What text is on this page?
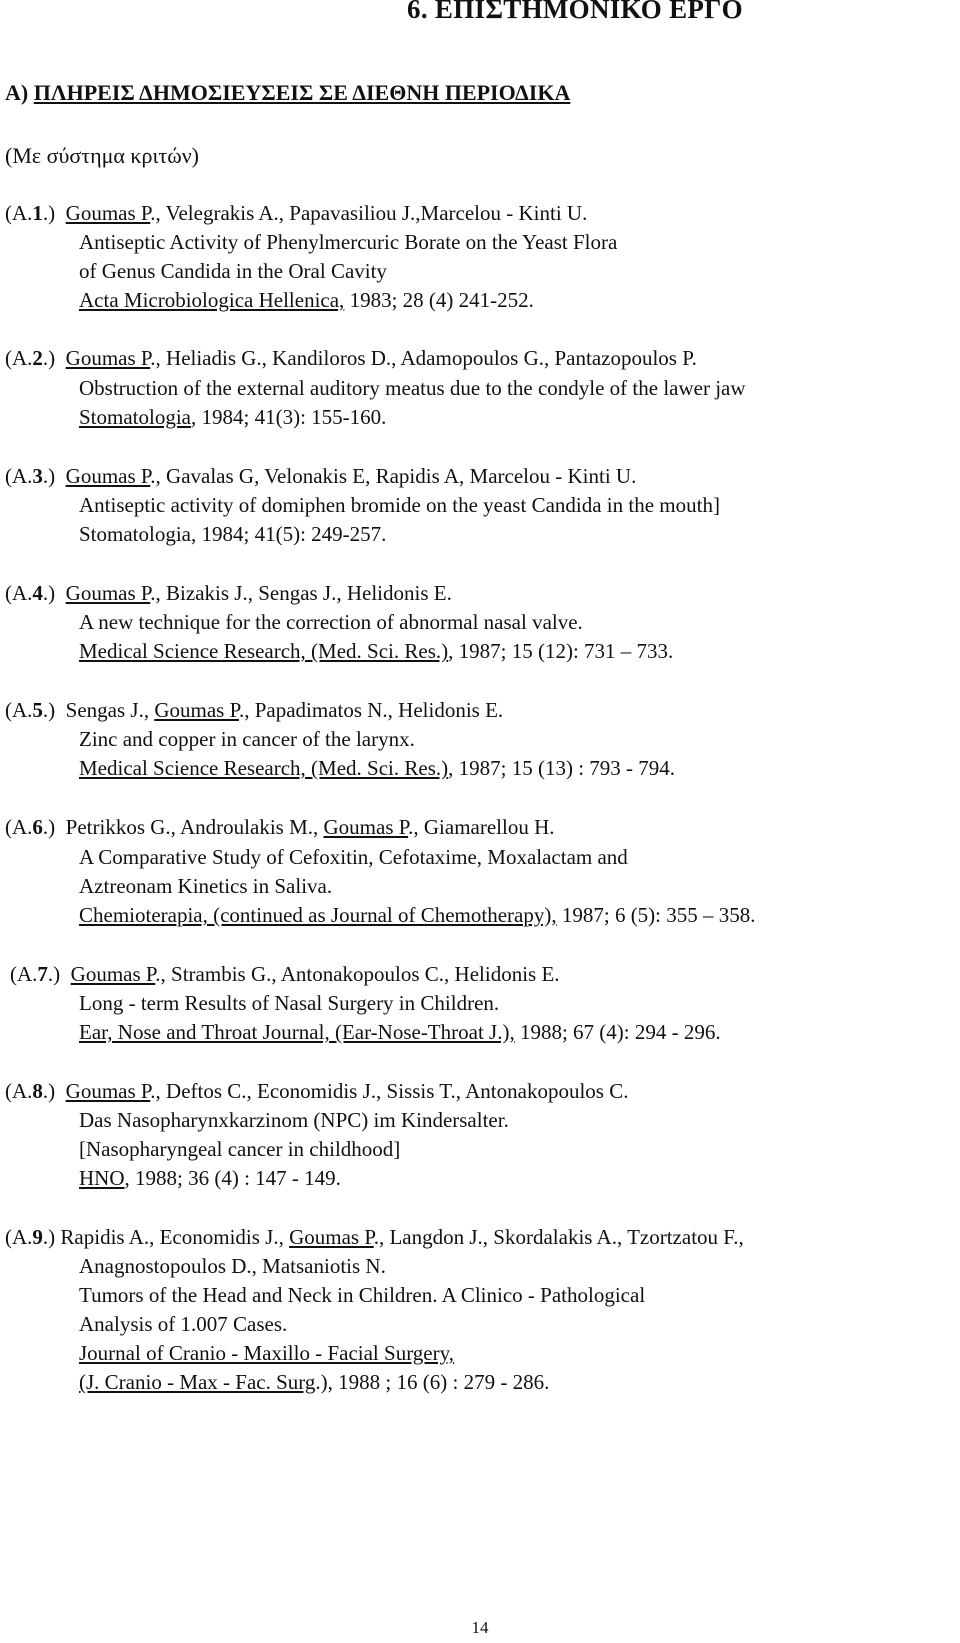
6. ΕΠΙΣΤΗΜΟΝΙΚΟ ΕΡΓΟ
Α) ΠΛΗΡΕΙΣ ΔΗΜΟΣΙΕΥΣΕΙΣ ΣΕ ΔΙΕΘΝΗ ΠΕΡΙΟΔΙΚΑ
(Με σύστημα κριτών)
(A.1.) Goumas P., Velegrakis A., Papavasiliou J.,Marcelou - Kinti U.
Antiseptic Activity of Phenylmercuric Borate on the Yeast Flora
of Genus Candida in the Oral Cavity
Acta Microbiologica Hellenica, 1983; 28 (4) 241-252.
(A.2.) Goumas P., Heliadis G., Kandiloros D., Adamopoulos G., Pantazopoulos P.
Obstruction of the external auditory meatus due to the condyle of the lawer jaw
Stomatologia, 1984; 41(3): 155-160.
(A.3.) Goumas P., Gavalas G, Velonakis E, Rapidis A, Marcelou - Kinti U.
Antiseptic activity of domiphen bromide on the yeast Candida in the mouth]
Stomatologia, 1984; 41(5): 249-257.
(A.4.) Goumas P., Bizakis J., Sengas J., Helidonis E.
A new technique for the correction of abnormal nasal valve.
Medical Science Research, (Med. Sci. Res.), 1987; 15 (12): 731 – 733.
(A.5.) Sengas J., Goumas P., Papadimatos N., Helidonis E.
Zinc and copper in cancer of the larynx.
Medical Science Research, (Med. Sci. Res.), 1987; 15 (13) : 793 - 794.
(A.6.) Petrikkos G., Androulakis M., Goumas P., Giamarellou H.
A Comparative Study of Cefoxitin, Cefotaxime, Moxalactam and
Aztreonam Kinetics in Saliva.
Chemioterapia, (continued as Journal of Chemotherapy), 1987; 6 (5): 355 – 358.
(A.7.) Goumas P., Strambis G., Antonakopoulos C., Helidonis E.
Long - term Results of Nasal Surgery in Children.
Ear, Nose and Throat Journal, (Ear-Nose-Throat J.), 1988; 67 (4): 294 - 296.
(A.8.) Goumas P., Deftos C., Economidis J., Sissis T., Antonakopoulos C.
Das Nasopharynxkarzinom (NPC) im Kindersalter.
[Nasopharyngeal cancer in childhood]
HNO, 1988; 36 (4) : 147 - 149.
(A.9.) Rapidis A., Economidis J., Goumas P., Langdon J., Skordalakis A., Tzortzatou F.,
Anagnostopoulos D., Matsaniotis N.
Tumors of the Head and Neck in Children. A Clinico - Pathological
Analysis of 1.007 Cases.
Journal of Cranio - Maxillo - Facial Surgery,
(J. Cranio - Max - Fac. Surg.), 1988 ; 16 (6) : 279 - 286.
14
